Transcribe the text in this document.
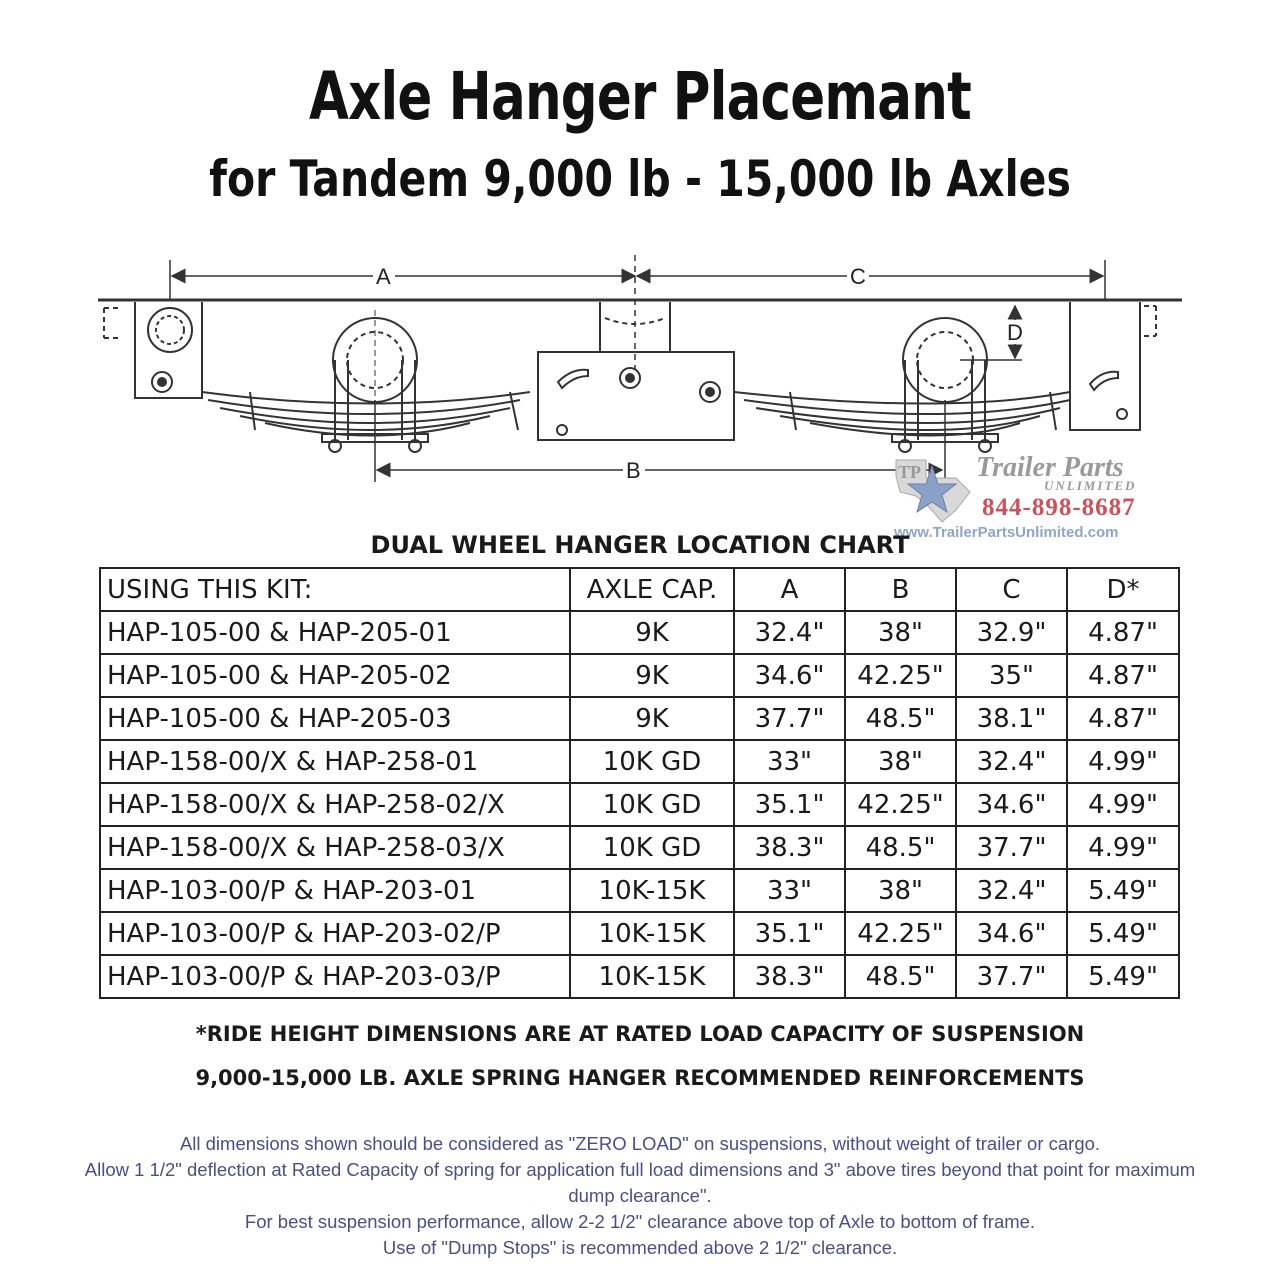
Axle Hanger Placemant
for Tandem 9,000 lb - 15,000 lb Axles
A	C
B
D
TP Trailer Parts
UNLIMITED
844-898-8687
www.TrailerPartsUnlimited.com
DUAL WHEEL HANGER LOCATION CHART
USING THIS KIT:	AXLE CAP.	A	B	C	D*
HAP-105-00 & HAP-205-01	9K	32.4"	38"	32.9"	4.87"
HAP-105-00 & HAP-205-02	9K	34.6"	42.25"	35"	4.87"
HAP-105-00 & HAP-205-03	9K	37.7"	48.5"	38.1"	4.87"
HAP-158-00/X & HAP-258-01	10K GD	33"	38"	32.4"	4.99"
HAP-158-00/X & HAP-258-02/X	10K GD	35.1"	42.25"	34.6"	4.99"
HAP-158-00/X & HAP-258-03/X	10K GD	38.3"	48.5"	37.7"	4.99"
HAP-103-00/P & HAP-203-01	10K-15K	33"	38"	32.4"	5.49"
HAP-103-00/P & HAP-203-02/P	10K-15K	35.1"	42.25"	34.6"	5.49"
HAP-103-00/P & HAP-203-03/P	10K-15K	38.3"	48.5"	37.7"	5.49"
*RIDE HEIGHT DIMENSIONS ARE AT RATED LOAD CAPACITY OF SUSPENSION
9,000-15,000 LB. AXLE SPRING HANGER RECOMMENDED REINFORCEMENTS

All dimensions shown should be considered as "ZERO LOAD" on suspensions, without weight of trailer or cargo.

Allow 1 1/2" deflection at Rated Capacity of spring for application full load dimensions and 3" above tires beyond that point for maximum dump clearance".

For best suspension performance, allow 2-2 1/2" clearance above top of Axle to bottom of frame.

Use of "Dump Stops" is recommended above 2 1/2" clearance.
